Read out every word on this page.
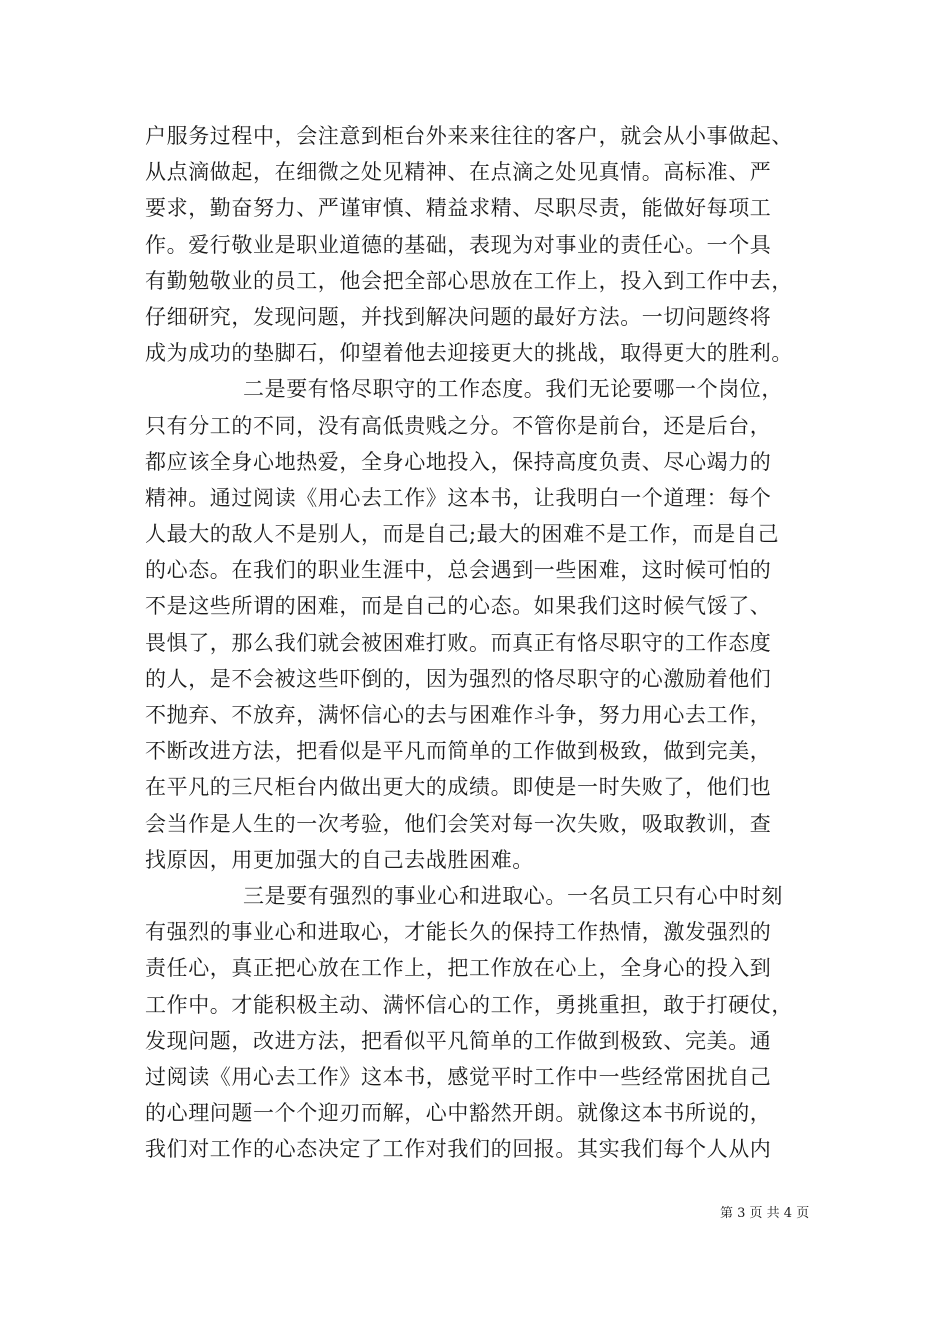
户服务过程中，会注意到柜台外来来往往的客户，就会从小事做起、
从点滴做起，在细微之处见精神、在点滴之处见真情。高标准、严
要求，勤奋努力、严谨审慎、精益求精、尽职尽责，能做好每项工
作。爱行敬业是职业道德的基础，表现为对事业的责任心。一个具
有勤勉敬业的员工，他会把全部心思放在工作上，投入到工作中去，
仔细研究，发现问题，并找到解决问题的最好方法。一切问题终将
成为成功的垫脚石，仰望着他去迎接更大的挑战，取得更大的胜利。
二是要有恪尽职守的工作态度。我们无论要哪一个岗位，
只有分工的不同，没有高低贵贱之分。不管你是前台，还是后台，
都应该全身心地热爱，全身心地投入，保持高度负责、尽心竭力的
精神。通过阅读《用心去工作》这本书，让我明白一个道理：每个
人最大的敌人不是别人，而是自己;最大的困难不是工作，而是自己
的心态。在我们的职业生涯中，总会遇到一些困难，这时候可怕的
不是这些所谓的困难，而是自己的心态。如果我们这时候气馁了、
畏惧了，那么我们就会被困难打败。而真正有恪尽职守的工作态度
的人，是不会被这些吓倒的，因为强烈的恪尽职守的心激励着他们
不抛弃、不放弃，满怀信心的去与困难作斗争，努力用心去工作，
不断改进方法，把看似是平凡而简单的工作做到极致，做到完美，
在平凡的三尺柜台内做出更大的成绩。即使是一时失败了，他们也
会当作是人生的一次考验，他们会笑对每一次失败，吸取教训，查
找原因，用更加强大的自己去战胜困难。
三是要有强烈的事业心和进取心。一名员工只有心中时刻
有强烈的事业心和进取心，才能长久的保持工作热情，激发强烈的
责任心，真正把心放在工作上，把工作放在心上，全身心的投入到
工作中。才能积极主动、满怀信心的工作，勇挑重担，敢于打硬仗，
发现问题，改进方法，把看似平凡简单的工作做到极致、完美。通
过阅读《用心去工作》这本书，感觉平时工作中一些经常困扰自己
的心理问题一个个迎刃而解，心中豁然开朗。就像这本书所说的，
我们对工作的心态决定了工作对我们的回报。其实我们每个人从内
第 3 页 共 4 页
